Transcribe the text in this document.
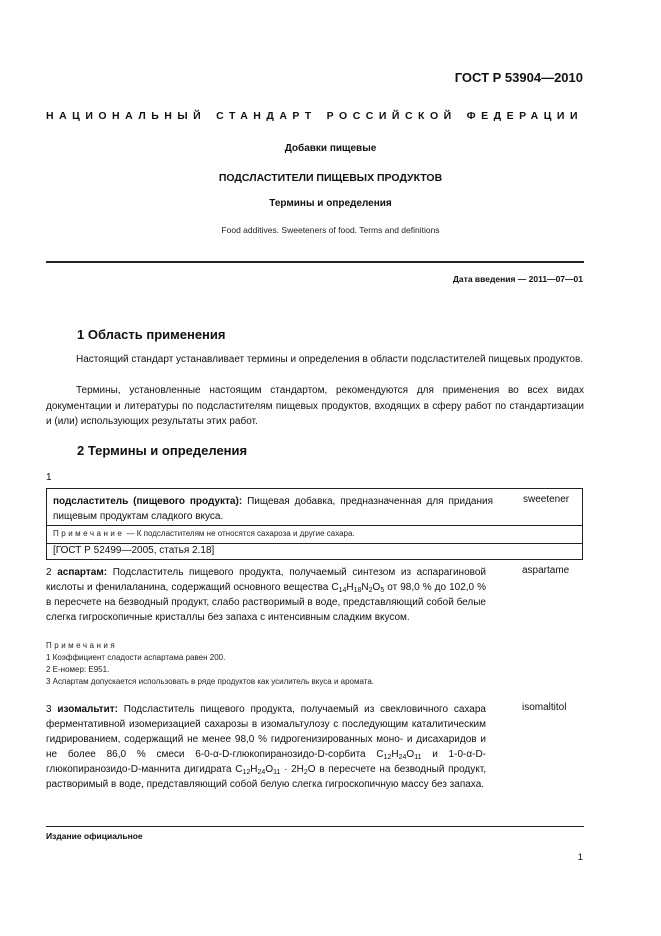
ГОСТ Р 53904—2010
НАЦИОНАЛЬНЫЙ СТАНДАРТ РОССИЙСКОЙ ФЕДЕРАЦИИ
Добавки пищевые
ПОДСЛАСТИТЕЛИ ПИЩЕВЫХ ПРОДУКТОВ
Термины и определения
Food additives. Sweeteners of food. Terms and definitions
Дата введения — 2011—07—01
1 Область применения

Настоящий стандарт устанавливает термины и определения в области подсластителей пищевых продуктов.

Термины, установленные настоящим стандартом, рекомендуются для применения во всех видах документации и литературы по подсластителям пищевых продуктов, входящих в сферу работ по стандартизации и (или) использующих результаты этих работ.

2 Термины и определения
1
подсластитель (пищевого продукта): Пищевая добавка, предназначенная для придания пищевым продуктам сладкого вкуса.
sweetener
Примечание — К подсластителям не относятся сахароза и другие сахара.
[ГОСТ Р 52499—2005, статья 2.18]
2 аспартам: Подсластитель пищевого продукта, получаемый синтезом из аспарагиновой кислоты и фенилаланина, содержащий основного вещества $C_{14}H_{18}N_2O_5$ от 98,0 % до 102,0 % в пересчете на безводный продукт, слабо растворимый в воде, представляющий собой белые слегка гигроскопичные кристаллы без запаха с интенсивным сладким вкусом.
aspartame
Примечания
1 Коэффициент сладости аспартама равен 200.
2 Е-номер: Е951.
3 Аспартам допускается использовать в ряде продуктов как усилитель вкуса и аромата.
3 изомальтит: Подсластитель пищевого продукта, получаемый из свекловичного сахара ферментативной изомеризацией сахарозы в изомальтулозу с последующим каталитическим гидрированием, содержащий не менее 98,0 % гидрогенизированных моно- и дисахаридов и не более 86,0 % смеси 6-0-α-D-глюкопиранозидо-D-сорбита $C_{12}H_{24}O_{11}$ и 1-0-α-D-глюкопиранозидо-D-маннита дигидрата $C_{12}H_{24}O_{11} \cdot 2H_2O$ в пересчете на безводный продукт, растворимый в воде, представляющий собой белую слегка гигроскопичную массу без запаха.
isomaltitol
Издание официальное
1
